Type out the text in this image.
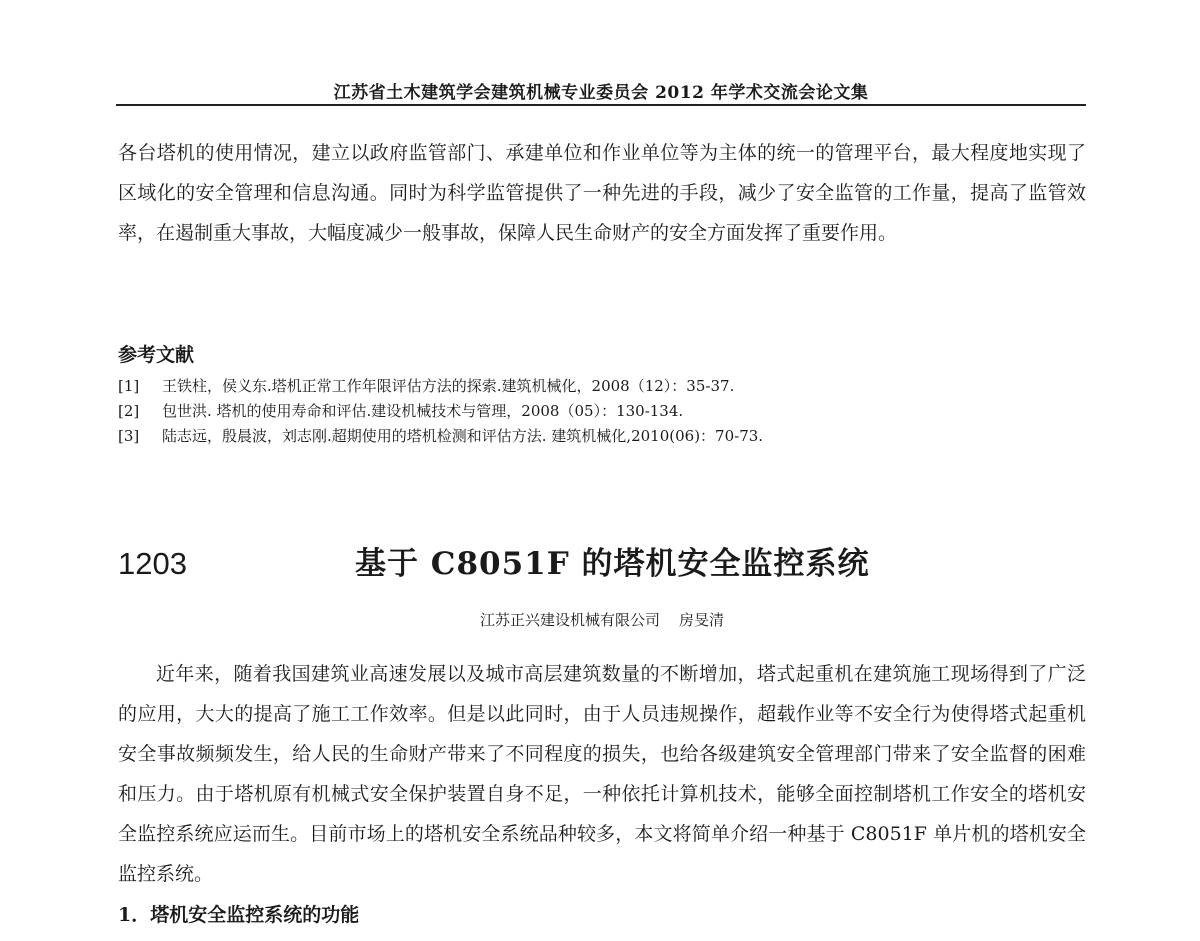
江苏省土木建筑学会建筑机械专业委员会 2012 年学术交流会论文集

各台塔机的使用情况，建立以政府监管部门、承建单位和作业单位等为主体的统一的管理平台，最大程度地实现了区域化的安全管理和信息沟通。同时为科学监管提供了一种先进的手段，减少了安全监管的工作量，提高了监管效率，在遏制重大事故，大幅度减少一般事故，保障人民生命财产的安全方面发挥了重要作用。

参考文献
[1] 王铁柱，侯义东.塔机正常工作年限评估方法的探索.建筑机械化，2008（12）：35-37.
[2] 包世洪. 塔机的使用寿命和评估.建设机械技术与管理，2008（05）：130-134.
[3] 陆志远，殷晨波，刘志刚.超期使用的塔机检测和评估方法. 建筑机械化,2010(06)：70-73.
1203	基于 C8051F 的塔机安全监控系统
江苏正兴建设机械有限公司    房旻清

近年来，随着我国建筑业高速发展以及城市高层建筑数量的不断增加，塔式起重机在建筑施工现场得到了广泛的应用，大大的提高了施工工作效率。但是以此同时，由于人员违规操作，超载作业等不安全行为使得塔式起重机安全事故频频发生，给人民的生命财产带来了不同程度的损失，也给各级建筑安全管理部门带来了安全监督的困难和压力。由于塔机原有机械式安全保护装置自身不足，一种依托计算机技术，能够全面控制塔机工作安全的塔机安全监控系统应运而生。目前市场上的塔机安全系统品种较多，本文将简单介绍一种基于 C8051F 单片机的塔机安全监控系统。

1．塔机安全监控系统的功能
